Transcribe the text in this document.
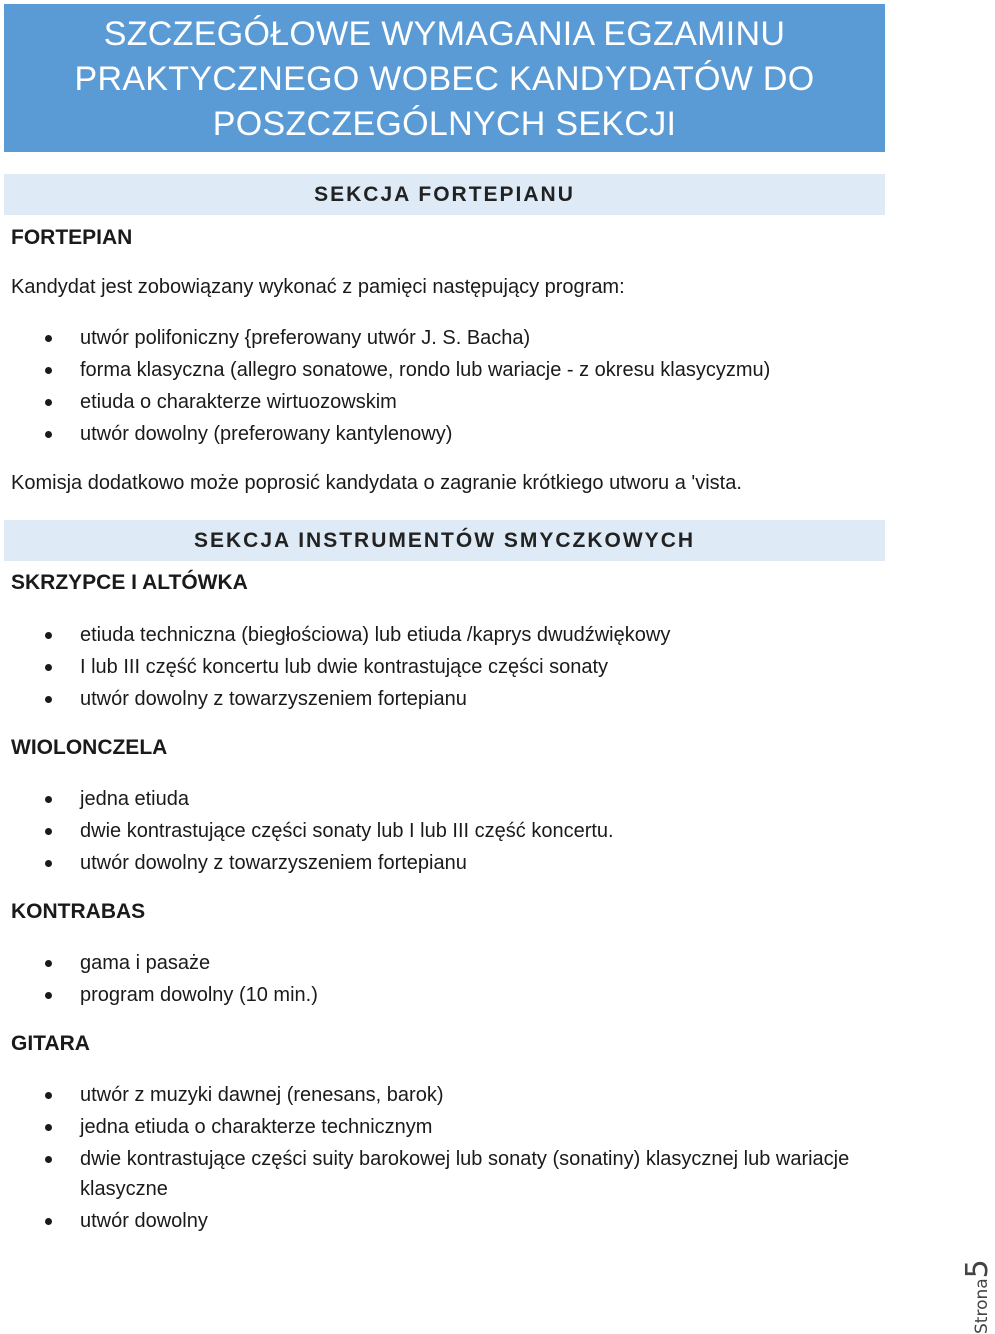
SZCZEGÓŁOWE WYMAGANIA EGZAMINU

PRAKTYCZNEGO WOBEC KANDYDATÓW DO

POSZCZEGÓLNYCH SEKCJI

SEKCJA FORTEPIANU
FORTEPIAN
Kandydat jest zobowiązany wykonać z pamięci następujący program:
utwór polifoniczny {preferowany utwór J. S. Bacha)
forma klasyczna (allegro sonatowe, rondo lub wariacje - z okresu klasycyzmu)
etiuda o charakterze wirtuozowskim
utwór dowolny (preferowany kantylenowy)
Komisja dodatkowo może poprosić kandydata o zagranie krótkiego utworu a 'vista.
SEKCJA INSTRUMENTÓW SMYCZKOWYCH
SKRZYPCE I ALTÓWKA
etiuda techniczna (biegłościowa) lub etiuda /kaprys dwudźwiękowy
I lub III część koncertu lub dwie kontrastujące części sonaty
utwór dowolny z towarzyszeniem fortepianu
WIOLONCZELA
jedna etiuda
dwie kontrastujące części sonaty lub I lub III część koncertu.
utwór dowolny z towarzyszeniem fortepianu
KONTRABAS
gama i pasaże
program dowolny (10 min.)
GITARA
utwór z muzyki dawnej (renesans, barok)
jedna etiuda o charakterze technicznym
dwie kontrastujące części suity barokowej lub sonaty (sonatiny) klasycznej lub wariacje klasyczne
utwór dowolny
Strona5
